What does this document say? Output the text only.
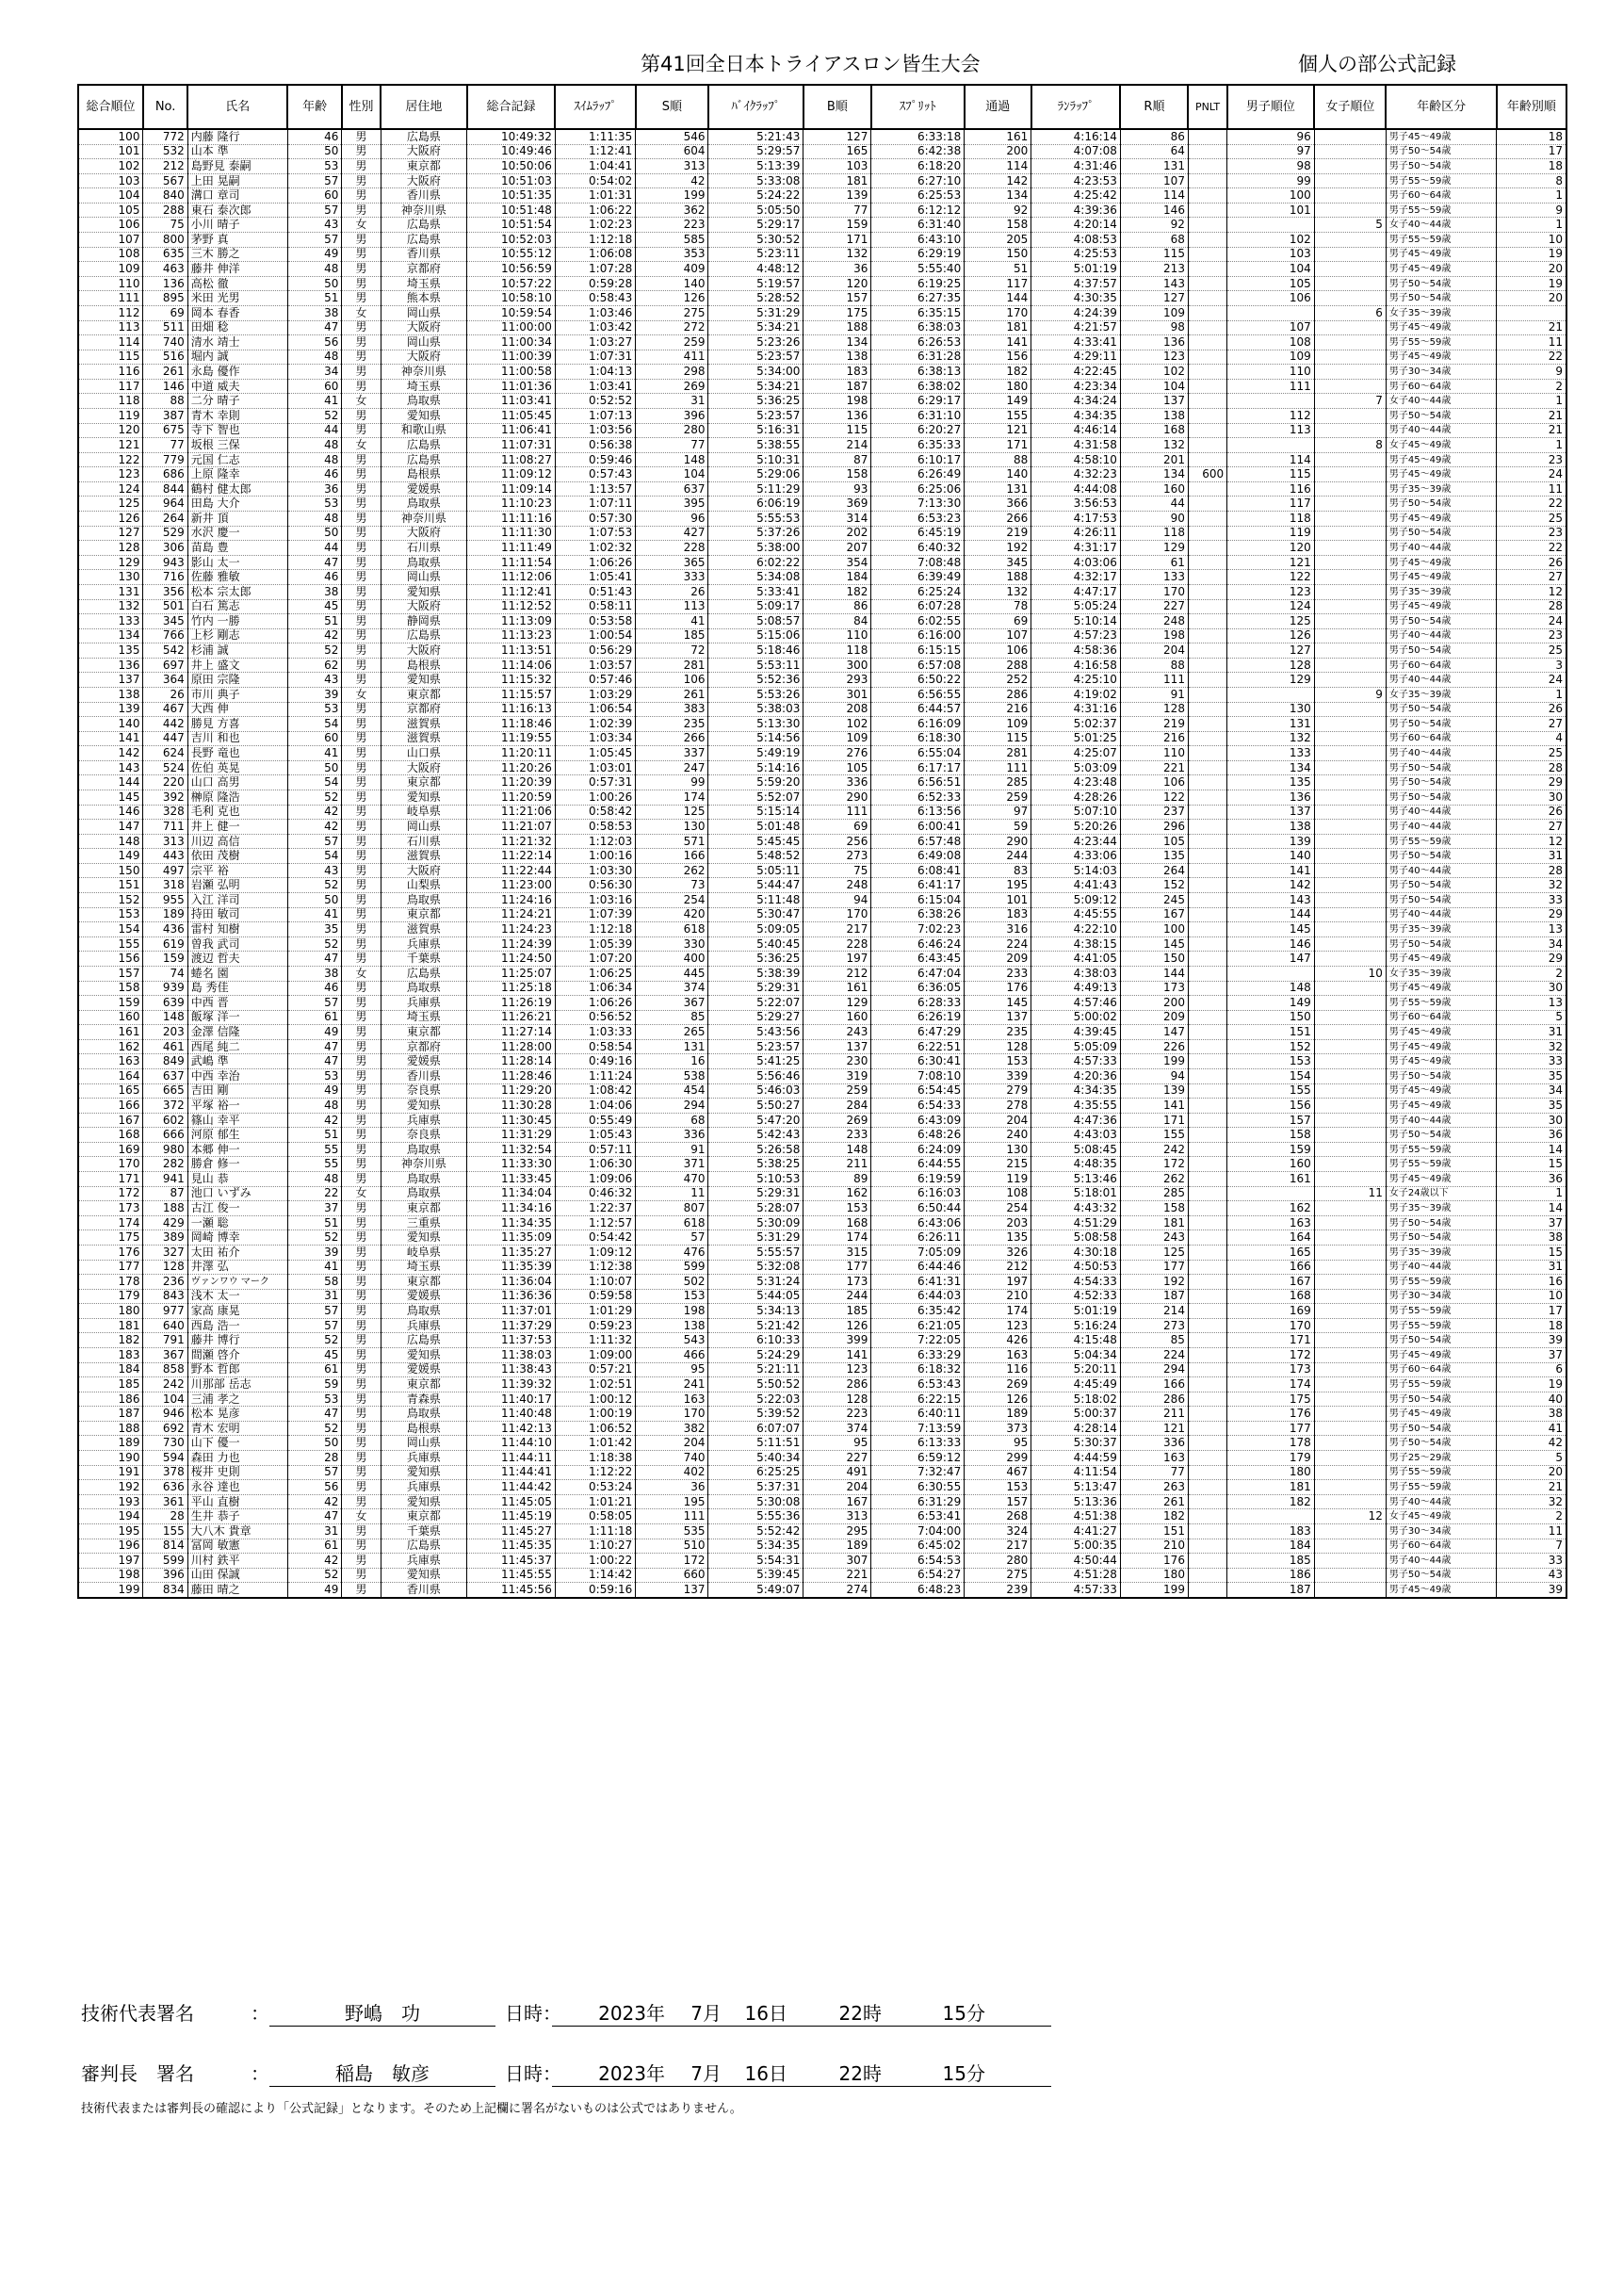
第41回全日本トライアスロン皆生大会	個人の部公式記録
総合順位	No.	氏名	年齢	性別	居住地	総合記録	ｽｲﾑﾗｯﾌﾟ	S順	ﾊﾞｲｸﾗｯﾌﾟ	B順	ｽﾌﾟﾘｯﾄ	通過	ﾗﾝﾗｯﾌﾟ	R順	PNLT	男子順位	女子順位	年齢区分	年齢別順
100	772	内藤 隆行	46	男	広島県	10:49:32	1:11:35	546	5:21:43	127	6:33:18	161	4:16:14	86		96		男子45～49歳	18
101	532	山本 準	50	男	大阪府	10:49:46	1:12:41	604	5:29:57	165	6:42:38	200	4:07:08	64		97		男子50～54歳	17
102	212	島野見 泰嗣	53	男	東京都	10:50:06	1:04:41	313	5:13:39	103	6:18:20	114	4:31:46	131		98		男子50～54歳	18
103	567	上田 晃嗣	57	男	大阪府	10:51:03	0:54:02	42	5:33:08	181	6:27:10	142	4:23:53	107		99		男子55～59歳	8
104	840	溝口 章司	60	男	香川県	10:51:35	1:01:31	199	5:24:22	139	6:25:53	134	4:25:42	114		100		男子60～64歳	1
105	288	東石 泰次郎	57	男	神奈川県	10:51:48	1:06:22	362	5:05:50	77	6:12:12	92	4:39:36	146		101		男子55～59歳	9
106	75	小川 晴子	43	女	広島県	10:51:54	1:02:23	223	5:29:17	159	6:31:40	158	4:20:14	92			5	女子40～44歳	1
107	800	茅野 真	57	男	広島県	10:52:03	1:12:18	585	5:30:52	171	6:43:10	205	4:08:53	68		102		男子55～59歳	10
108	635	三木 勝之	49	男	香川県	10:55:12	1:06:08	353	5:23:11	132	6:29:19	150	4:25:53	115		103		男子45～49歳	19
109	463	藤井 伸洋	48	男	京都府	10:56:59	1:07:28	409	4:48:12	36	5:55:40	51	5:01:19	213		104		男子45～49歳	20
110	136	高松 徹	50	男	埼玉県	10:57:22	0:59:28	140	5:19:57	120	6:19:25	117	4:37:57	143		105		男子50～54歳	19
111	895	米田 光男	51	男	熊本県	10:58:10	0:58:43	126	5:28:52	157	6:27:35	144	4:30:35	127		106		男子50～54歳	20
112	69	岡本 春香	38	女	岡山県	10:59:54	1:03:46	275	5:31:29	175	6:35:15	170	4:24:39	109			6	女子35～39歳	
113	511	田畑 稔	47	男	大阪府	11:00:00	1:03:42	272	5:34:21	188	6:38:03	181	4:21:57	98		107		男子45～49歳	21
114	740	清水 靖士	56	男	岡山県	11:00:34	1:03:27	259	5:23:26	134	6:26:53	141	4:33:41	136		108		男子55～59歳	11
115	516	堀内 誠	48	男	大阪府	11:00:39	1:07:31	411	5:23:57	138	6:31:28	156	4:29:11	123		109		男子45～49歳	22
116	261	永島 優作	34	男	神奈川県	11:00:58	1:04:13	298	5:34:00	183	6:38:13	182	4:22:45	102		110		男子30～34歳	9
117	146	中道 威夫	60	男	埼玉県	11:01:36	1:03:41	269	5:34:21	187	6:38:02	180	4:23:34	104		111		男子60～64歳	2
118	88	二分 晴子	41	女	鳥取県	11:03:41	0:52:52	31	5:36:25	198	6:29:17	149	4:34:24	137			7	女子40～44歳	1
119	387	青木 幸則	52	男	愛知県	11:05:45	1:07:13	396	5:23:57	136	6:31:10	155	4:34:35	138		112		男子50～54歳	21
120	675	寺下 智也	44	男	和歌山県	11:06:41	1:03:56	280	5:16:31	115	6:20:27	121	4:46:14	168		113		男子40～44歳	21
121	77	坂根 三保	48	女	広島県	11:07:31	0:56:38	77	5:38:55	214	6:35:33	171	4:31:58	132			8	女子45～49歳	1
122	779	元国 仁志	48	男	広島県	11:08:27	0:59:46	148	5:10:31	87	6:10:17	88	4:58:10	201		114		男子45～49歳	23
123	686	上原 隆幸	46	男	島根県	11:09:12	0:57:43	104	5:29:06	158	6:26:49	140	4:32:23	134	600	115		男子45～49歳	24
124	844	鶴村 健太郎	36	男	愛媛県	11:09:14	1:13:57	637	5:11:29	93	6:25:06	131	4:44:08	160		116		男子35～39歳	11
125	964	田島 大介	53	男	鳥取県	11:10:23	1:07:11	395	6:06:19	369	7:13:30	366	3:56:53	44		117		男子50～54歳	22
126	264	新井 頂	48	男	神奈川県	11:11:16	0:57:30	96	5:55:53	314	6:53:23	266	4:17:53	90		118		男子45～49歳	25
127	529	水沢 慶一	50	男	大阪府	11:11:30	1:07:53	427	5:37:26	202	6:45:19	219	4:26:11	118		119		男子50～54歳	23
128	306	苗島 豊	44	男	石川県	11:11:49	1:02:32	228	5:38:00	207	6:40:32	192	4:31:17	129		120		男子40～44歳	22
129	943	影山 太一	47	男	鳥取県	11:11:54	1:06:26	365	6:02:22	354	7:08:48	345	4:03:06	61		121		男子45～49歳	26
130	716	佐藤 雅敏	46	男	岡山県	11:12:06	1:05:41	333	5:34:08	184	6:39:49	188	4:32:17	133		122		男子45～49歳	27
131	356	松本 宗太郎	38	男	愛知県	11:12:41	0:51:43	26	5:33:41	182	6:25:24	132	4:47:17	170		123		男子35～39歳	12
132	501	白石 篤志	45	男	大阪府	11:12:52	0:58:11	113	5:09:17	86	6:07:28	78	5:05:24	227		124		男子45～49歳	28
133	345	竹内 一勝	51	男	静岡県	11:13:09	0:53:58	41	5:08:57	84	6:02:55	69	5:10:14	248		125		男子50～54歳	24
134	766	上杉 剛志	42	男	広島県	11:13:23	1:00:54	185	5:15:06	110	6:16:00	107	4:57:23	198		126		男子40～44歳	23
135	542	杉浦 誠	52	男	大阪府	11:13:51	0:56:29	72	5:18:46	118	6:15:15	106	4:58:36	204		127		男子50～54歳	25
136	697	井上 盛文	62	男	島根県	11:14:06	1:03:57	281	5:53:11	300	6:57:08	288	4:16:58	88		128		男子60～64歳	3
137	364	原田 宗隆	43	男	愛知県	11:15:32	0:57:46	106	5:52:36	293	6:50:22	252	4:25:10	111		129		男子40～44歳	24
138	26	市川 典子	39	女	東京都	11:15:57	1:03:29	261	5:53:26	301	6:56:55	286	4:19:02	91			9	女子35～39歳	1
139	467	大西 伸	53	男	京都府	11:16:13	1:06:54	383	5:38:03	208	6:44:57	216	4:31:16	128		130		男子50～54歳	26
140	442	勝見 方喜	54	男	滋賀県	11:18:46	1:02:39	235	5:13:30	102	6:16:09	109	5:02:37	219		131		男子50～54歳	27
141	447	吉川 和也	60	男	滋賀県	11:19:55	1:03:34	266	5:14:56	109	6:18:30	115	5:01:25	216		132		男子60～64歳	4
142	624	長野 竜也	41	男	山口県	11:20:11	1:05:45	337	5:49:19	276	6:55:04	281	4:25:07	110		133		男子40～44歳	25
143	524	佐伯 英晃	50	男	大阪府	11:20:26	1:03:01	247	5:14:16	105	6:17:17	111	5:03:09	221		134		男子50～54歳	28
144	220	山口 高男	54	男	東京都	11:20:39	0:57:31	99	5:59:20	336	6:56:51	285	4:23:48	106		135		男子50～54歳	29
145	392	榊原 隆浩	52	男	愛知県	11:20:59	1:00:26	174	5:52:07	290	6:52:33	259	4:28:26	122		136		男子50～54歳	30
146	328	毛利 克也	42	男	岐阜県	11:21:06	0:58:42	125	5:15:14	111	6:13:56	97	5:07:10	237		137		男子40～44歳	26
147	711	井上 健一	42	男	岡山県	11:21:07	0:58:53	130	5:01:48	69	6:00:41	59	5:20:26	296		138		男子40～44歳	27
148	313	川辺 高信	57	男	石川県	11:21:32	1:12:03	571	5:45:45	256	6:57:48	290	4:23:44	105		139		男子55～59歳	12
149	443	依田 茂樹	54	男	滋賀県	11:22:14	1:00:16	166	5:48:52	273	6:49:08	244	4:33:06	135		140		男子50～54歳	31
150	497	宗平 裕	43	男	大阪府	11:22:44	1:03:30	262	5:05:11	75	6:08:41	83	5:14:03	264		141		男子40～44歳	28
151	318	岩瀬 弘明	52	男	山梨県	11:23:00	0:56:30	73	5:44:47	248	6:41:17	195	4:41:43	152		142		男子50～54歳	32
152	955	入江 洋司	50	男	鳥取県	11:24:16	1:03:16	254	5:11:48	94	6:15:04	101	5:09:12	245		143		男子50～54歳	33
153	189	持田 敏司	41	男	東京都	11:24:21	1:07:39	420	5:30:47	170	6:38:26	183	4:45:55	167		144		男子40～44歳	29
154	436	雷村 知樹	35	男	滋賀県	11:24:23	1:12:18	618	5:09:05	217	7:02:23	316	4:22:10	100		145		男子35～39歳	13
155	619	曽我 武司	52	男	兵庫県	11:24:39	1:05:39	330	5:40:45	228	6:46:24	224	4:38:15	145		146		男子50～54歳	34
156	159	渡辺 哲夫	47	男	千葉県	11:24:50	1:07:20	400	5:36:25	197	6:43:45	209	4:41:05	150		147		男子45～49歳	29
157	74	蜷名 園	38	女	広島県	11:25:07	1:06:25	445	5:38:39	212	6:47:04	233	4:38:03	144			10	女子35～39歳	2
158	939	島 秀佳	46	男	鳥取県	11:25:18	1:06:34	374	5:29:31	161	6:36:05	176	4:49:13	173		148		男子45～49歳	30
159	639	中西 晋	57	男	兵庫県	11:26:19	1:06:26	367	5:22:07	129	6:28:33	145	4:57:46	200		149		男子55～59歳	13
160	148	飯塚 洋一	61	男	埼玉県	11:26:21	0:56:52	85	5:29:27	160	6:26:19	137	5:00:02	209		150		男子60～64歳	5
161	203	金澤 信隆	49	男	東京都	11:27:14	1:03:33	265	5:43:56	243	6:47:29	235	4:39:45	147		151		男子45～49歳	31
162	461	西尾 純二	47	男	京都府	11:28:00	0:58:54	131	5:23:57	137	6:22:51	128	5:05:09	226		152		男子45～49歳	32
163	849	武嶋 準	47	男	愛媛県	11:28:14	0:49:16	16	5:41:25	230	6:30:41	153	4:57:33	199		153		男子45～49歳	33
164	637	中西 幸治	53	男	香川県	11:28:46	1:11:24	538	5:56:46	319	7:08:10	339	4:20:36	94		154		男子50～54歳	35
165	665	吉田 剛	49	男	奈良県	11:29:20	1:08:42	454	5:46:03	259	6:54:45	279	4:34:35	139		155		男子45～49歳	34
166	372	平塚 裕一	48	男	愛知県	11:30:28	1:04:06	294	5:50:27	284	6:54:33	278	4:35:55	141		156		男子45～49歳	35
167	602	篠山 幸平	42	男	兵庫県	11:30:45	0:55:49	68	5:47:20	269	6:43:09	204	4:47:36	171		157		男子40～44歳	30
168	666	河原 郁生	51	男	奈良県	11:31:29	1:05:43	336	5:42:43	233	6:48:26	240	4:43:03	155		158		男子50～54歳	36
169	980	本郷 伸一	55	男	鳥取県	11:32:54	0:57:11	91	5:26:58	148	6:24:09	130	5:08:45	242		159		男子55～59歳	14
170	282	勝倉 修一	55	男	神奈川県	11:33:30	1:06:30	371	5:38:25	211	6:44:55	215	4:48:35	172		160		男子55～59歳	15
171	941	見山 恭	48	男	鳥取県	11:33:45	1:09:06	470	5:10:53	89	6:19:59	119	5:13:46	262		161		男子45～49歳	36
172	87	池口 いずみ	22	女	鳥取県	11:34:04	0:46:32	11	5:29:31	162	6:16:03	108	5:18:01	285			11	女子24歳以下	1
173	188	古江 俊一	37	男	東京都	11:34:16	1:22:37	807	5:28:07	153	6:50:44	254	4:43:32	158		162		男子35～39歳	14
174	429	一瀬 聡	51	男	三重県	11:34:35	1:12:57	618	5:30:09	168	6:43:06	203	4:51:29	181		163		男子50～54歳	37
175	389	岡崎 博幸	52	男	愛知県	11:35:09	0:54:42	57	5:31:29	174	6:26:11	135	5:08:58	243		164		男子50～54歳	38
176	327	太田 祐介	39	男	岐阜県	11:35:27	1:09:12	476	5:55:57	315	7:05:09	326	4:30:18	125		165		男子35～39歳	15
177	128	井澤 弘	41	男	埼玉県	11:35:39	1:12:38	599	5:32:08	177	6:44:46	212	4:50:53	177		166		男子40～44歳	31
178	236	ヴァンワウ マーク	58	男	東京都	11:36:04	1:10:07	502	5:31:24	173	6:41:31	197	4:54:33	192		167		男子55～59歳	16
179	843	浅木 太一	31	男	愛媛県	11:36:36	0:59:58	153	5:44:05	244	6:44:03	210	4:52:33	187		168		男子30～34歳	10
180	977	家高 康晃	57	男	鳥取県	11:37:01	1:01:29	198	5:34:13	185	6:35:42	174	5:01:19	214		169		男子55～59歳	17
181	640	西島 浩一	57	男	兵庫県	11:37:29	0:59:23	138	5:21:42	126	6:21:05	123	5:16:24	273		170		男子55～59歳	18
182	791	藤井 博行	52	男	広島県	11:37:53	1:11:32	543	6:10:33	399	7:22:05	426	4:15:48	85		171		男子50～54歳	39
183	367	間瀬 啓介	45	男	愛知県	11:38:03	1:09:00	466	5:24:29	141	6:33:29	163	5:04:34	224		172		男子45～49歳	37
184	858	野本 哲郎	61	男	愛媛県	11:38:43	0:57:21	95	5:21:11	123	6:18:32	116	5:20:11	294		173		男子60～64歳	6
185	242	川那部 岳志	59	男	東京都	11:39:32	1:02:51	241	5:50:52	286	6:53:43	269	4:45:49	166		174		男子55～59歳	19
186	104	三浦 孝之	53	男	青森県	11:40:17	1:00:12	163	5:22:03	128	6:22:15	126	5:18:02	286		175		男子50～54歳	40
187	946	松本 晃彦	47	男	鳥取県	11:40:48	1:00:19	170	5:39:52	223	6:40:11	189	5:00:37	211		176		男子45～49歳	38
188	692	青木 宏明	52	男	島根県	11:42:13	1:06:52	382	6:07:07	374	7:13:59	373	4:28:14	121		177		男子50～54歳	41
189	730	山下 優一	50	男	岡山県	11:44:10	1:01:42	204	5:11:51	95	6:13:33	95	5:30:37	336		178		男子50～54歳	42
190	594	森田 力也	28	男	兵庫県	11:44:11	1:18:38	740	5:40:34	227	6:59:12	299	4:44:59	163		179		男子25～29歳	5
191	378	桜井 史則	57	男	愛知県	11:44:41	1:12:22	402	6:25:25	491	7:32:47	467	4:11:54	77		180		男子55～59歳	20
192	636	永谷 達也	56	男	兵庫県	11:44:42	0:53:24	36	5:37:31	204	6:30:55	153	5:13:47	263		181		男子55～59歳	21
193	361	平山 直樹	42	男	愛知県	11:45:05	1:01:21	195	5:30:08	167	6:31:29	157	5:13:36	261		182		男子40～44歳	32
194	28	生井 恭子	47	女	東京都	11:45:19	0:58:05	111	5:55:36	313	6:53:41	268	4:51:38	182			12	女子45～49歳	2
195	155	大八木 貴章	31	男	千葉県	11:45:27	1:11:18	535	5:52:42	295	7:04:00	324	4:41:27	151		183		男子30～34歳	11
196	814	冨岡 敏憲	61	男	広島県	11:45:35	1:10:27	510	5:34:35	189	6:45:02	217	5:00:35	210		184		男子60～64歳	7
197	599	川村 鉄平	42	男	兵庫県	11:45:37	1:00:22	172	5:54:31	307	6:54:53	280	4:50:44	176		185		男子40～44歳	33
198	396	山田 保誠	52	男	愛知県	11:45:55	1:14:42	660	5:39:45	221	6:54:27	275	4:51:28	180		186		男子50～54歳	43
199	834	藤田 晴之	49	男	香川県	11:45:56	0:59:16	137	5:49:07	274	6:48:23	239	4:57:33	199		187		男子45～49歳	39
技術代表署名	：	野嶋　功	日時：	2023年	7月	16日	22時	15分
審判長　署名	：	稲島　敏彦	日時：	2023年	7月	16日	22時	15分
技術代表または審判長の確認により「公式記録」となります。そのため上記欄に署名がないものは公式ではありません。
